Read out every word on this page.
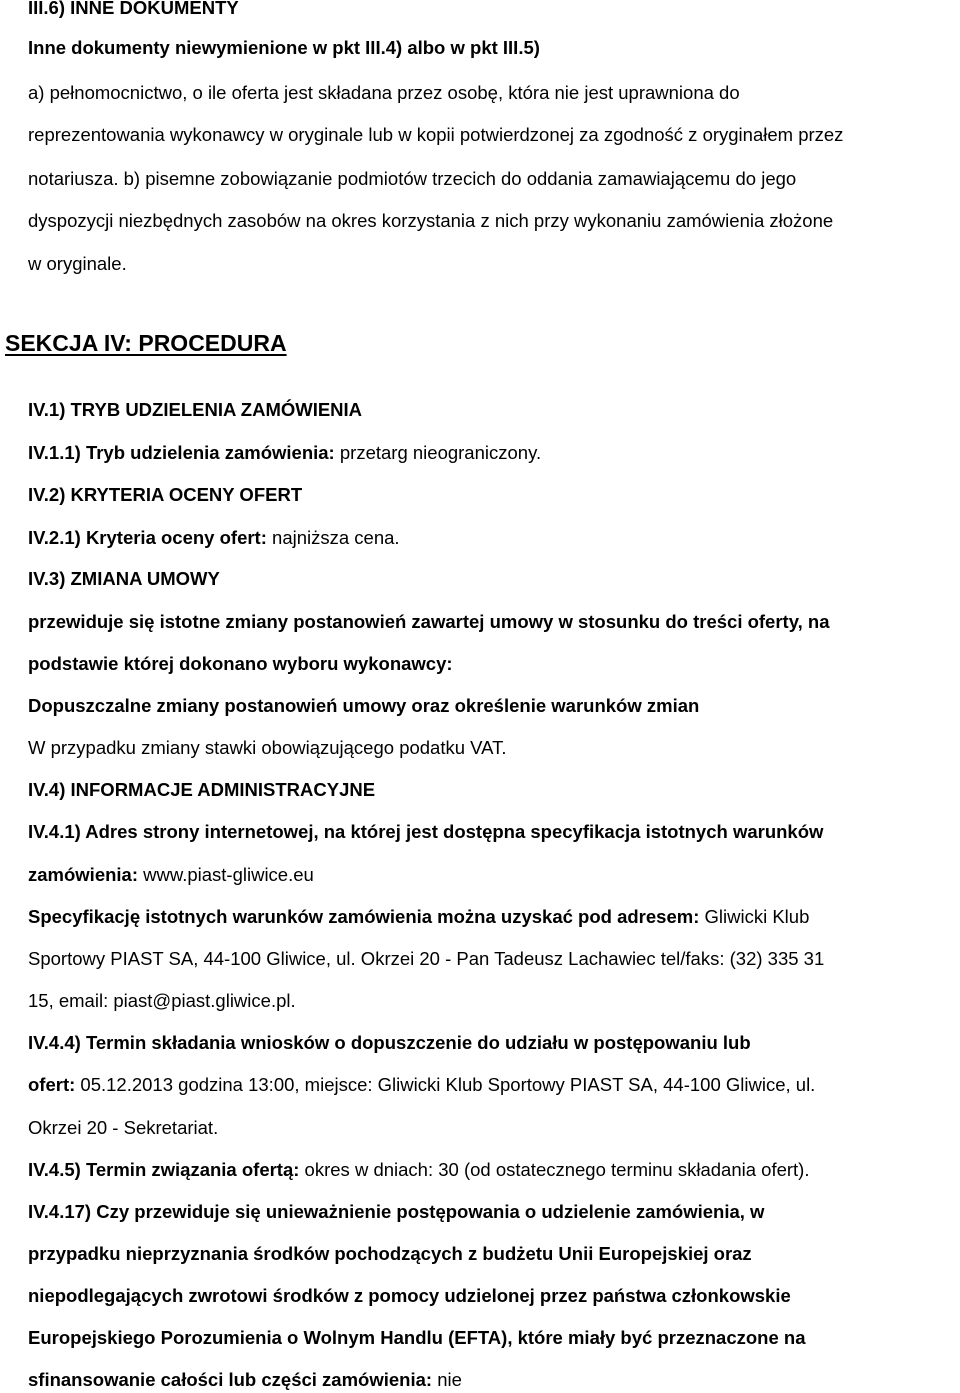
III.6) INNE DOKUMENTY
Inne dokumenty niewymienione w pkt III.4) albo w pkt III.5)
a) pełnomocnictwo, o ile oferta jest składana przez osobę, która nie jest uprawniona do
reprezentowania wykonawcy w oryginale lub w kopii potwierdzonej za zgodność z oryginałem przez
notariusza. b) pisemne zobowiązanie podmiotów trzecich do oddania zamawiającemu do jego
dyspozycji niezbędnych zasobów na okres korzystania z nich przy wykonaniu zamówienia złożone
w oryginale.
SEKCJA IV: PROCEDURA
IV.1) TRYB UDZIELENIA ZAMÓWIENIA
IV.1.1) Tryb udzielenia zamówienia: przetarg nieograniczony.
IV.2) KRYTERIA OCENY OFERT
IV.2.1) Kryteria oceny ofert: najniższa cena.
IV.3) ZMIANA UMOWY
przewiduje się istotne zmiany postanowień zawartej umowy w stosunku do treści oferty, na
podstawie której dokonano wyboru wykonawcy:
Dopuszczalne zmiany postanowień umowy oraz określenie warunków zmian
W przypadku zmiany stawki obowiązującego podatku VAT.
IV.4) INFORMACJE ADMINISTRACYJNE
IV.4.1) Adres strony internetowej, na której jest dostępna specyfikacja istotnych warunków
zamówienia: www.piast-gliwice.eu
Specyfikację istotnych warunków zamówienia można uzyskać pod adresem: Gliwicki Klub
Sportowy PIAST SA, 44-100 Gliwice, ul. Okrzei 20 - Pan Tadeusz Lachawiec tel/faks: (32) 335 31
15, email: piast@piast.gliwice.pl.
IV.4.4) Termin składania wniosków o dopuszczenie do udziału w postępowaniu lub
ofert: 05.12.2013 godzina 13:00, miejsce: Gliwicki Klub Sportowy PIAST SA, 44-100 Gliwice, ul.
Okrzei 20 - Sekretariat.
IV.4.5) Termin związania ofertą: okres w dniach: 30 (od ostatecznego terminu składania ofert).
IV.4.17) Czy przewiduje się unieważnienie postępowania o udzielenie zamówienia, w
przypadku nieprzyznania środków pochodzących z budżetu Unii Europejskiej oraz
niepodlegających zwrotowi środków z pomocy udzielonej przez państwa członkowskie
Europejskiego Porozumienia o Wolnym Handlu (EFTA), które miały być przeznaczone na
sfinansowanie całości lub części zamówienia: nie
